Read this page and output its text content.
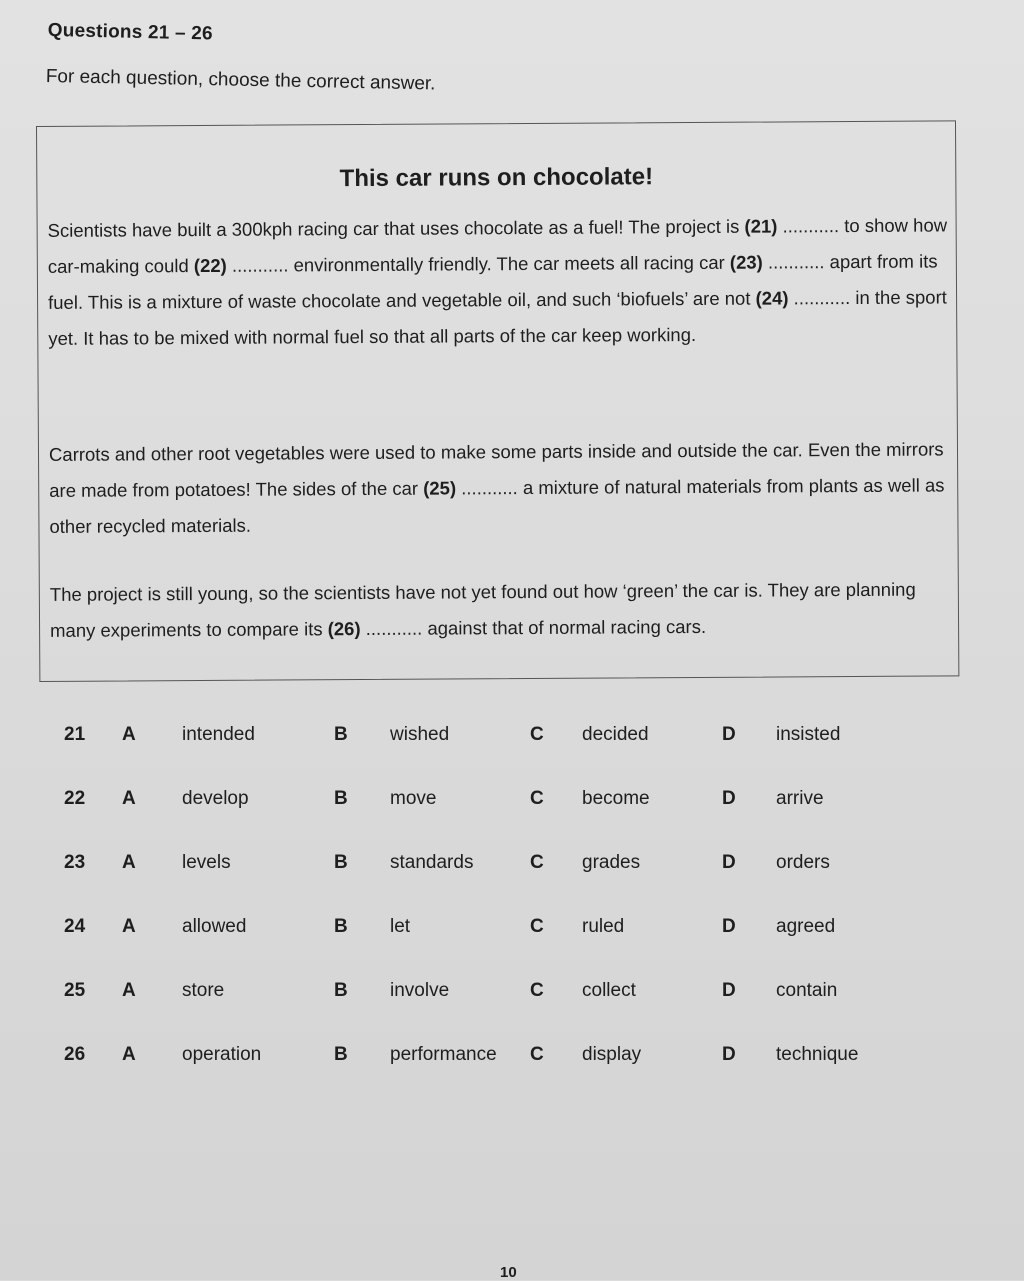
Questions 21 – 26
For each question, choose the correct answer.
This car runs on chocolate!
Scientists have built a 300kph racing car that uses chocolate as a fuel! The project is (21) ........... to show how car-making could (22) ........... environmentally friendly. The car meets all racing car (23) ........... apart from its fuel. This is a mixture of waste chocolate and vegetable oil, and such ‘biofuels’ are not (24) ........... in the sport yet. It has to be mixed with normal fuel so that all parts of the car keep working.
Carrots and other root vegetables were used to make some parts inside and outside the car. Even the mirrors are made from potatoes! The sides of the car (25) ........... a mixture of natural materials from plants as well as other recycled materials.
The project is still young, so the scientists have not yet found out how ‘green’ the car is. They are planning many experiments to compare its (26) ........... against that of normal racing cars.
21 A intended	B wished	C decided	D insisted
22 A develop	B move	C become	D arrive
23 A levels	B standards	C grades	D orders
24 A allowed	B let	C ruled	D agreed
25 A store	B involve	C collect	D contain
26 A operation	B performance C display	D technique
10
